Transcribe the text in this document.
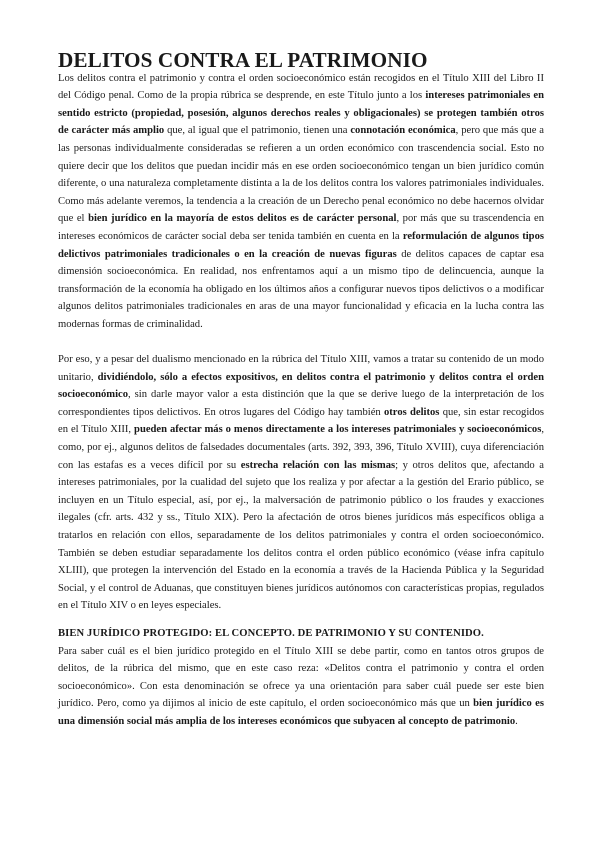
DELITOS CONTRA EL PATRIMONIO

Los delitos contra el patrimonio y contra el orden socioeconómico están recogidos en el Título XIII del Libro II del Código penal. Como de la propia rúbrica se desprende, en este Título junto a los intereses patrimoniales en sentido estricto (propiedad, posesión, algunos derechos reales y obligacionales) se protegen también otros de carácter más amplio que, al igual que el patrimonio, tienen una connotación económica, pero que más que a las personas individualmente consideradas se refieren a un orden económico con trascendencia social. Esto no quiere decir que los delitos que puedan incidir más en ese orden socioeconómico tengan un bien jurídico común diferente, o una naturaleza completamente distinta a la de los delitos contra los valores patrimoniales individuales. Como más adelante veremos, la tendencia a la creación de un Derecho penal económico no debe hacernos olvidar que el bien jurídico en la mayoría de estos delitos es de carácter personal, por más que su trascendencia en intereses económicos de carácter social deba ser tenida también en cuenta en la reformulación de algunos tipos delictivos patrimoniales tradicionales o en la creación de nuevas figuras de delitos capaces de captar esa dimensión socioeconómica. En realidad, nos enfrentamos aquí a un mismo tipo de delincuencia, aunque la transformación de la economía ha obligado en los últimos años a configurar nuevos tipos delictivos o a modificar algunos delitos patrimoniales tradicionales en aras de una mayor funcionalidad y eficacia en la lucha contra las modernas formas de criminalidad.

Por eso, y a pesar del dualismo mencionado en la rúbrica del Título XIII, vamos a tratar su contenido de un modo unitario, dividiéndolo, sólo a efectos expositivos, en delitos contra el patrimonio y delitos contra el orden socioeconómico, sin darle mayor valor a esta distinción que la que se derive luego de la interpretación de los correspondientes tipos delictivos. En otros lugares del Código hay también otros delitos que, sin estar recogidos en el Título XIII, pueden afectar más o menos directamente a los intereses patrimoniales y socioeconómicos, como, por ej., algunos delitos de falsedades documentales (arts. 392, 393, 396, Título XVIII), cuya diferenciación con las estafas es a veces difícil por su estrecha relación con las mismas; y otros delitos que, afectando a intereses patrimoniales, por la cualidad del sujeto que los realiza y por afectar a la gestión del Erario público, se incluyen en un Título especial, así, por ej., la malversación de patrimonio público o los fraudes y exacciones ilegales (cfr. arts. 432 y ss., Título XIX). Pero la afectación de otros bienes jurídicos más específicos obliga a tratarlos en relación con ellos, separadamente de los delitos patrimoniales y contra el orden socioeconómico. También se deben estudiar separadamente los delitos contra el orden público económico (véase infra capítulo XLIII), que protegen la intervención del Estado en la economía a través de la Hacienda Pública y la Seguridad Social, y el control de Aduanas, que constituyen bienes jurídicos autónomos con características propias, regulados en el Título XIV o en leyes especiales.

BIEN JURÍDICO PROTEGIDO: EL CONCEPTO. DE PATRIMONIO Y SU CONTENIDO.

Para saber cuál es el bien jurídico protegido en el Título XIII se debe partir, como en tantos otros grupos de delitos, de la rúbrica del mismo, que en este caso reza: «Delitos contra el patrimonio y contra el orden socioeconómico». Con esta denominación se ofrece ya una orientación para saber cuál puede ser este bien jurídico. Pero, como ya dijimos al inicio de este capítulo, el orden socioeconómico más que un bien jurídico es una dimensión social más amplia de los intereses económicos que subyacen al concepto de patrimonio.
